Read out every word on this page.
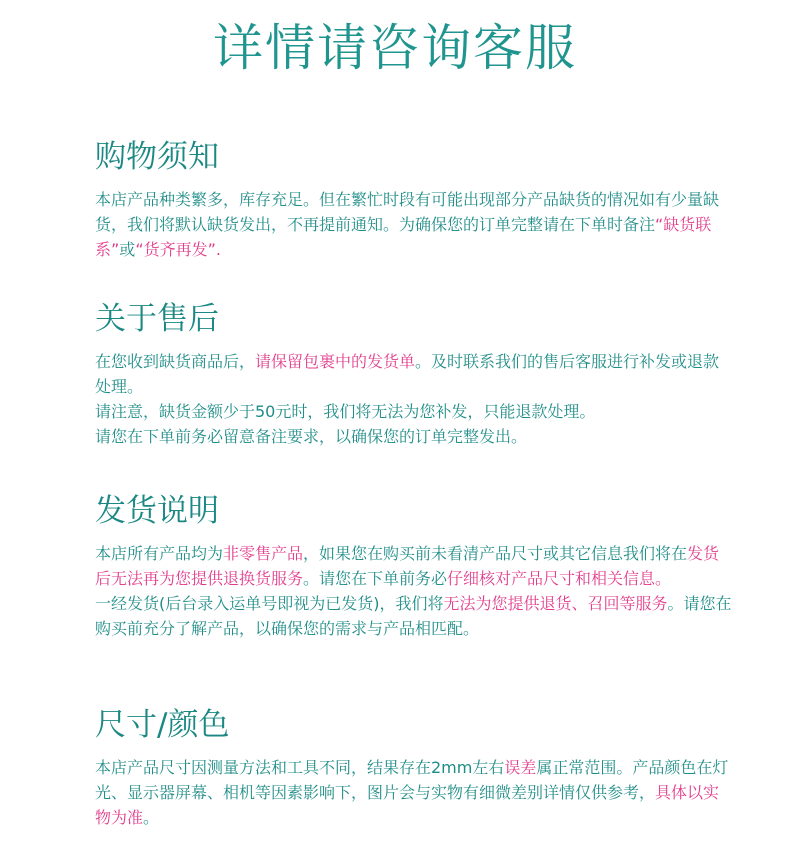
详情请咨询客服
购物须知

本店产品种类繁多，库存充足。但在繁忙时段有可能出现部分产品缺货的情况如有少量缺货，我们将默认缺货发出，不再提前通知。为确保您的订单完整请在下单时备注“缺货联系”或“货齐再发”.

关于售后

在您收到缺货商品后，请保留包裹中的发货单。及时联系我们的售后客服进行补发或退款处理。

请注意，缺货金额少于50元时，我们将无法为您补发，只能退款处理。

请您在下单前务必留意备注要求，以确保您的订单完整发出。

发货说明

本店所有产品均为非零售产品，如果您在购买前未看清产品尺寸或其它信息我们将在发货后无法再为您提供退换货服务。请您在下单前务必仔细核对产品尺寸和相关信息。

一经发货(后台录入运单号即视为已发货)，我们将无法为您提供退货、召回等服务。请您在购买前充分了解产品，以确保您的需求与产品相匹配。

尺寸/颜色

本店产品尺寸因测量方法和工具不同，结果存在2mm左右误差属正常范围。产品颜色在灯光、显示器屏幕、相机等因素影响下，图片会与实物有细微差别详情仅供参考，具体以实物为准。
